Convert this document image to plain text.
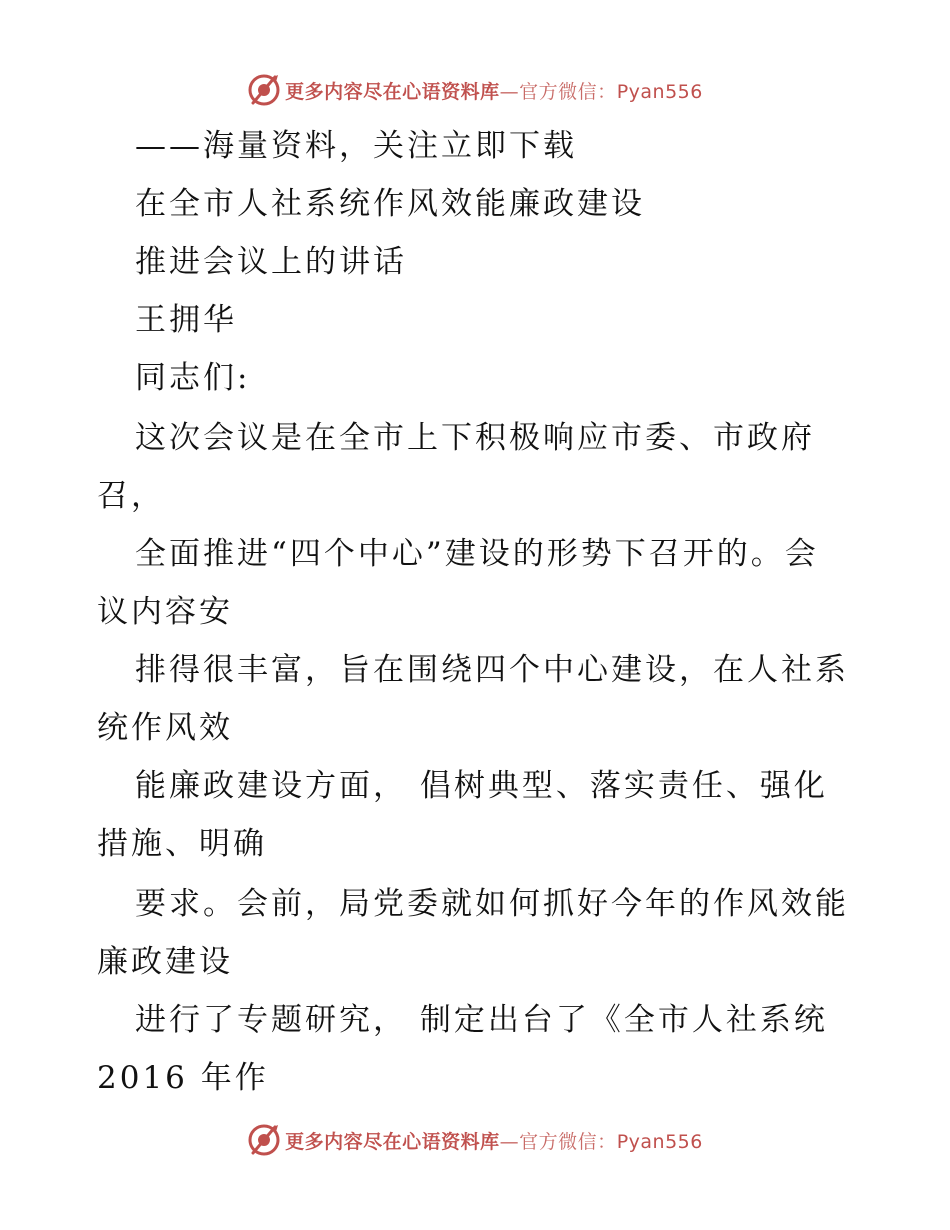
更多内容尽在心语资料库—官方微信：Pyan556
——海量资料，关注立即下载
在全市人社系统作风效能廉政建设
推进会议上的讲话
王拥华
同志们:
这次会议是在全市上下积极响应市委、市政府
召，
全面推进“四个中心”建设的形势下召开的。会
议内容安
排得很丰富，旨在围绕四个中心建设，在人社系
统作风效
能廉政建设方面， 倡树典型、落实责任、强化
措施、明确
要求。会前，局党委就如何抓好今年的作风效能
廉政建设
进行了专题研究， 制定出台了《全市人社系统
2016 年作
更多内容尽在心语资料库—官方微信：Pyan556
